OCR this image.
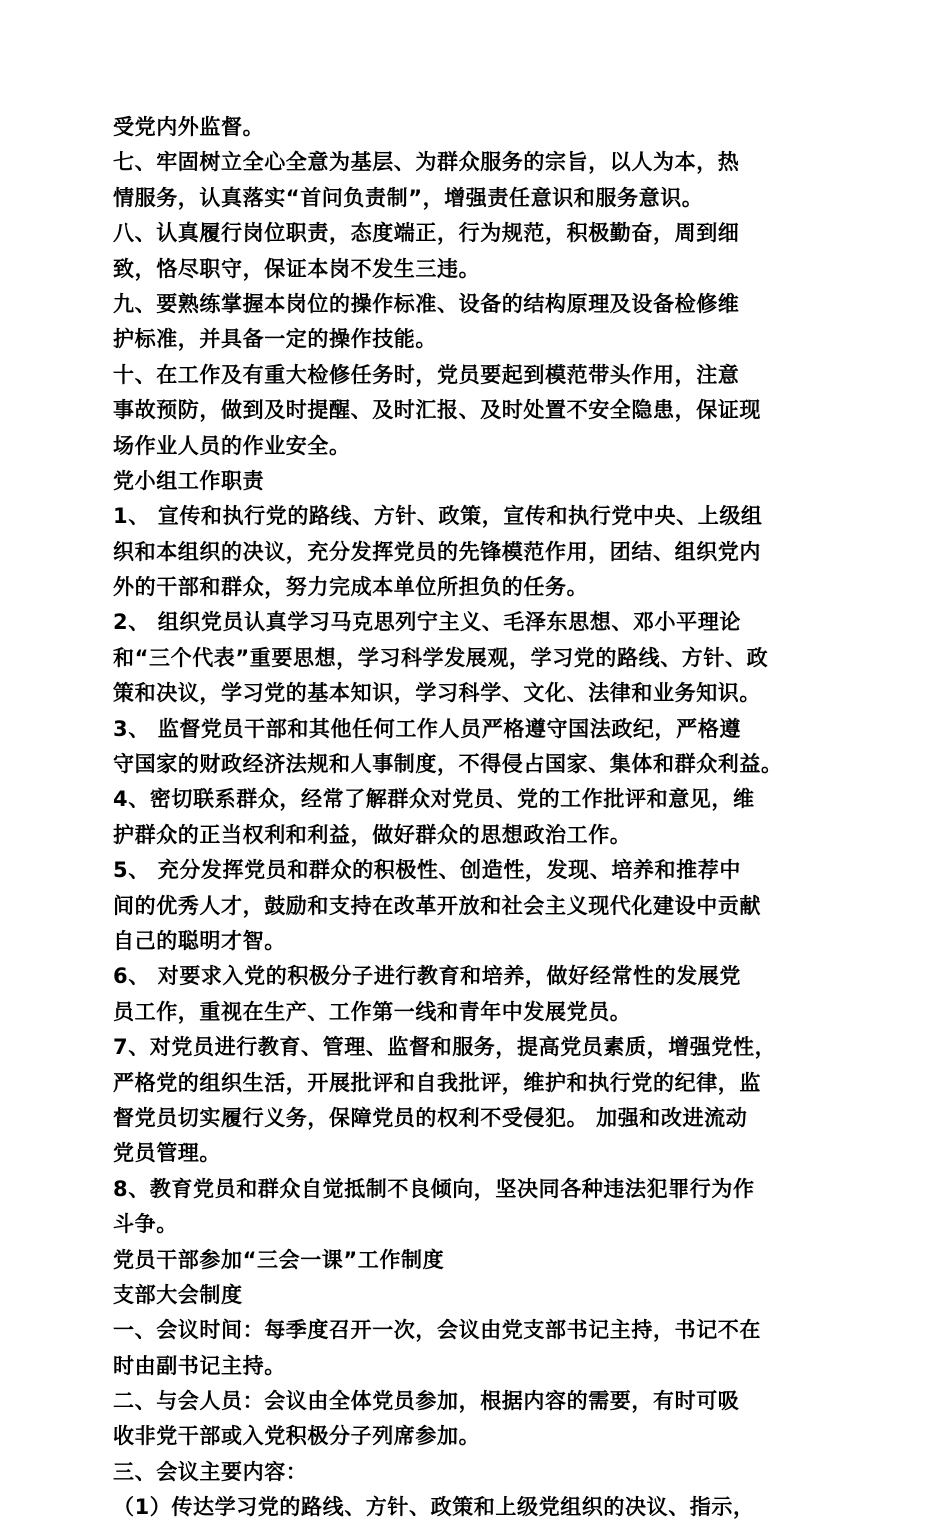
受党内外监督。
七、牢固树立全心全意为基层、为群众服务的宗旨，以人为本，热
情服务，认真落实“首问负责制”，增强责任意识和服务意识。
八、认真履行岗位职责，态度端正，行为规范，积极勤奋，周到细
致，恪尽职守，保证本岗不发生三违。
九、要熟练掌握本岗位的操作标准、设备的结构原理及设备检修维
护标准，并具备一定的操作技能。
十、在工作及有重大检修任务时，党员要起到模范带头作用，注意
事故预防，做到及时提醒、及时汇报、及时处置不安全隐患，保证现
场作业人员的作业安全。
党小组工作职责
1、 宣传和执行党的路线、方针、政策，宣传和执行党中央、上级组
织和本组织的决议，充分发挥党员的先锋模范作用，团结、组织党内
外的干部和群众，努力完成本单位所担负的任务。
2、 组织党员认真学习马克思列宁主义、毛泽东思想、邓小平理论
和“三个代表”重要思想，学习科学发展观，学习党的路线、方针、政
策和决议，学习党的基本知识，学习科学、文化、法律和业务知识。
3、 监督党员干部和其他任何工作人员严格遵守国法政纪，严格遵
守国家的财政经济法规和人事制度，不得侵占国家、集体和群众利益。
4、密切联系群众，经常了解群众对党员、党的工作批评和意见，维
护群众的正当权利和利益，做好群众的思想政治工作。
5、 充分发挥党员和群众的积极性、创造性，发现、培养和推荐中
间的优秀人才，鼓励和支持在改革开放和社会主义现代化建设中贡献
自己的聪明才智。
6、 对要求入党的积极分子进行教育和培养，做好经常性的发展党
员工作，重视在生产、工作第一线和青年中发展党员。
7、对党员进行教育、管理、监督和服务，提高党员素质，增强党性，
严格党的组织生活，开展批评和自我批评，维护和执行党的纪律，监
督党员切实履行义务，保障党员的权利不受侵犯。 加强和改进流动
党员管理。
8、教育党员和群众自觉抵制不良倾向，坚决同各种违法犯罪行为作
斗争。
党员干部参加“三会一课”工作制度
支部大会制度
一、会议时间：每季度召开一次，会议由党支部书记主持，书记不在
时由副书记主持。
二、与会人员：会议由全体党员参加，根据内容的需要，有时可吸
收非党干部或入党积极分子列席参加。
三、会议主要内容：
（1）传达学习党的路线、方针、政策和上级党组织的决议、指示，
